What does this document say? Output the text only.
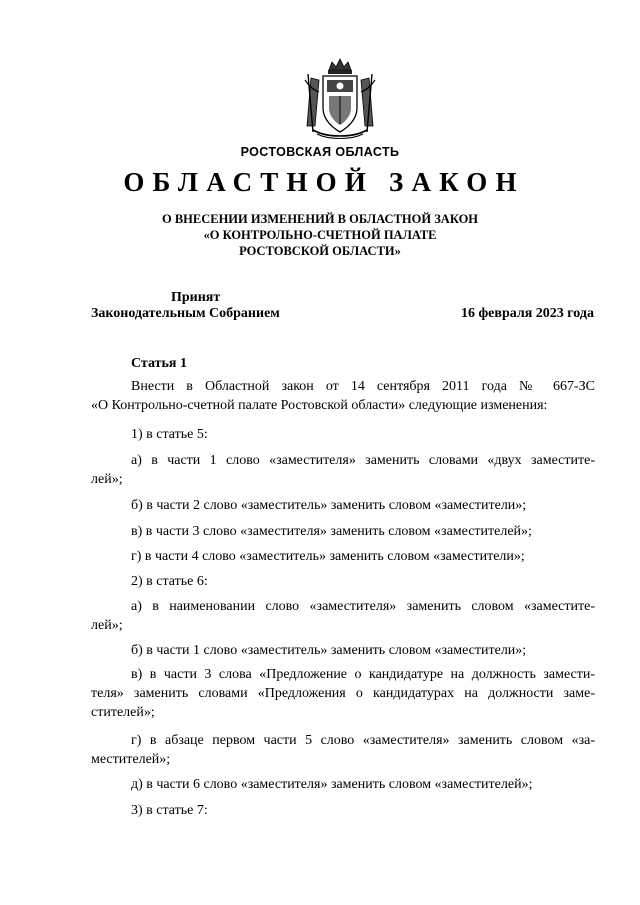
РОСТОВСКАЯ ОБЛАСТЬ
ОБЛАСТНОЙ ЗАКОН
О ВНЕСЕНИИ ИЗМЕНЕНИЙ В ОБЛАСТНОЙ ЗАКОН
«О КОНТРОЛЬНО-СЧЕТНОЙ ПАЛАТЕ
РОСТОВСКОЙ ОБЛАСТИ»
Принят
Законодательным Собранием	16 февраля 2023 года
Статья 1
Внести в Областной закон от 14 сентября 2011 года № 667-ЗС
«О Контрольно-счетной палате Ростовской области» следующие изменения:
1) в статье 5:
а) в части 1 слово «заместителя» заменить словами «двух заместите-
лей»;
б) в части 2 слово «заместитель» заменить словом «заместители»;
в) в части 3 слово «заместителя» заменить словом «заместителей»;
г) в части 4 слово «заместитель» заменить словом «заместители»;
2) в статье 6:
а) в наименовании слово «заместителя» заменить словом «заместите-
лей»;
б) в части 1 слово «заместитель» заменить словом «заместители»;
в) в части 3 слова «Предложение о кандидатуре на должность замести-
теля» заменить словами «Предложения о кандидатурах на должности заме-
стителей»;
г) в абзаце первом части 5 слово «заместителя» заменить словом «за-
местителей»;
д) в части 6 слово «заместителя» заменить словом «заместителей»;
3) в статье 7:
